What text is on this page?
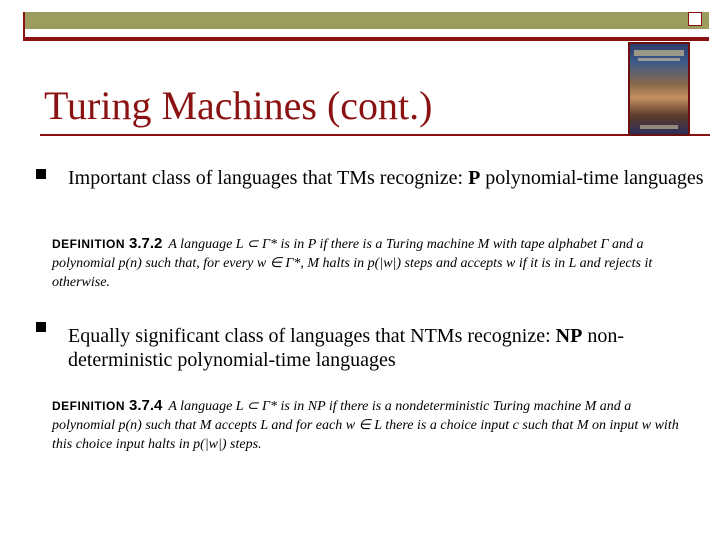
Turing Machines (cont.)
Important class of languages that TMs recognize: P polynomial-time languages
DEFINITION 3.7.2 A language L ⊂ Γ* is in P if there is a Turing machine M with tape alphabet Γ and a polynomial p(n) such that, for every w ∈ Γ*, M halts in p(|w|) steps and accepts w if it is in L and rejects it otherwise.
Equally significant class of languages that NTMs recognize: NP non-deterministic polynomial-time languages
DEFINITION 3.7.4 A language L ⊂ Γ* is in NP if there is a nondeterministic Turing machine M and a polynomial p(n) such that M accepts L and for each w ∈ L there is a choice input c such that M on input w with this choice input halts in p(|w|) steps.
